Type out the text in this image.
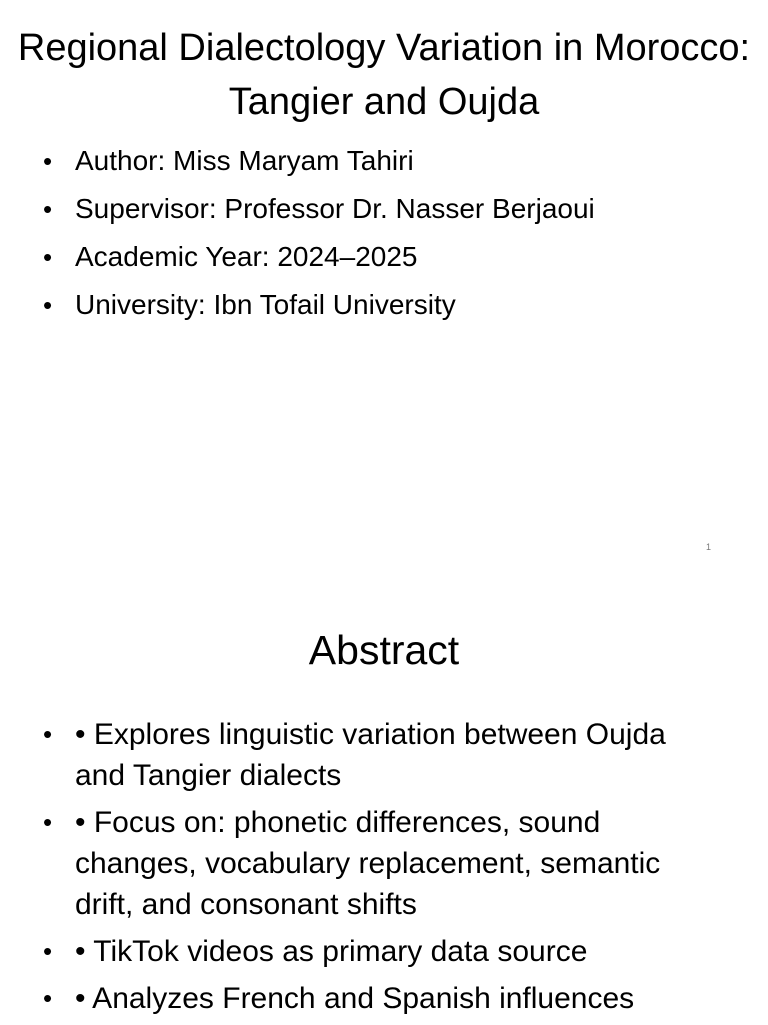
Regional Dialectology Variation in Morocco: Tangier and Oujda
• Author: Miss Maryam Tahiri
• Supervisor: Professor Dr. Nasser Berjaoui
• Academic Year: 2024–2025
• University: Ibn Tofail University
1
Abstract
• • Explores linguistic variation between Oujda and Tangier dialects
• • Focus on: phonetic differences, sound changes, vocabulary replacement, semantic drift, and consonant shifts
• • TikTok videos as primary data source
• • Analyzes French and Spanish influences
